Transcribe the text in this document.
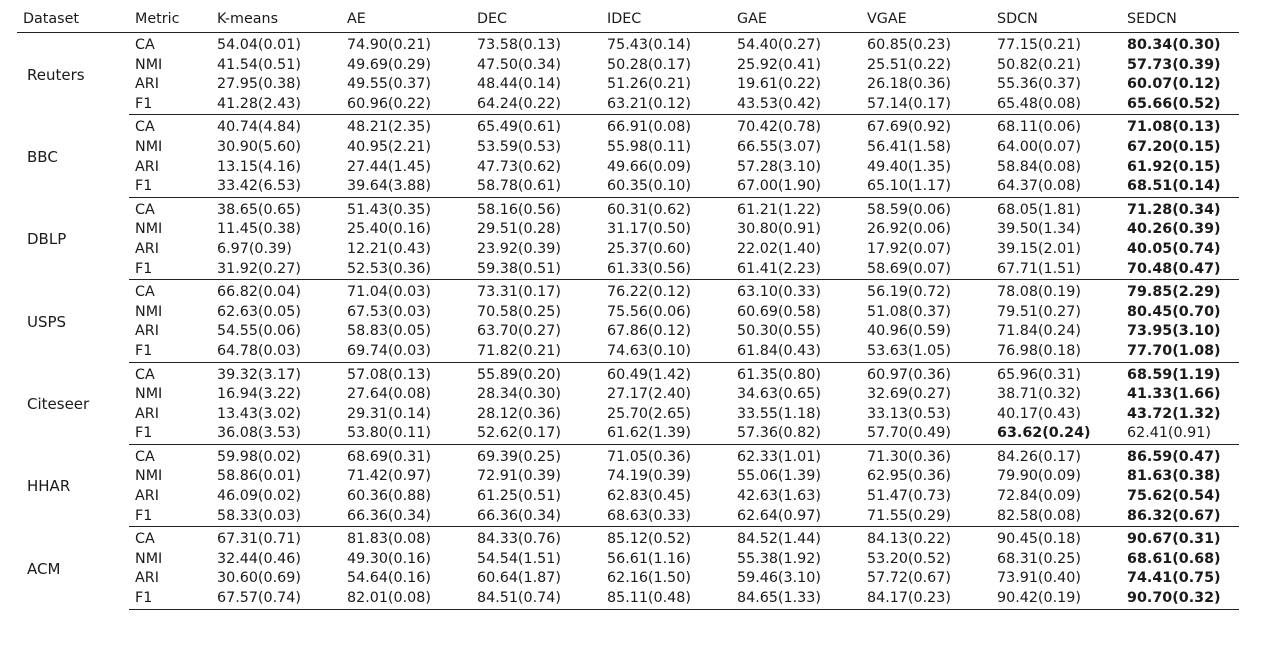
Dataset	Metric	K-means	AE	DEC	IDEC	GAE	VGAE	SDCN	SEDCN
Reuters	CA	54.04(0.01)	74.90(0.21)	73.58(0.13)	75.43(0.14)	54.40(0.27)	60.85(0.23)	77.15(0.21)	80.34(0.30)
	NMI	41.54(0.51)	49.69(0.29)	47.50(0.34)	50.28(0.17)	25.92(0.41)	25.51(0.22)	50.82(0.21)	57.73(0.39)
	ARI	27.95(0.38)	49.55(0.37)	48.44(0.14)	51.26(0.21)	19.61(0.22)	26.18(0.36)	55.36(0.37)	60.07(0.12)
	F1	41.28(2.43)	60.96(0.22)	64.24(0.22)	63.21(0.12)	43.53(0.42)	57.14(0.17)	65.48(0.08)	65.66(0.52)
BBC	CA	40.74(4.84)	48.21(2.35)	65.49(0.61)	66.91(0.08)	70.42(0.78)	67.69(0.92)	68.11(0.06)	71.08(0.13)
	NMI	30.90(5.60)	40.95(2.21)	53.59(0.53)	55.98(0.11)	66.55(3.07)	56.41(1.58)	64.00(0.07)	67.20(0.15)
	ARI	13.15(4.16)	27.44(1.45)	47.73(0.62)	49.66(0.09)	57.28(3.10)	49.40(1.35)	58.84(0.08)	61.92(0.15)
	F1	33.42(6.53)	39.64(3.88)	58.78(0.61)	60.35(0.10)	67.00(1.90)	65.10(1.17)	64.37(0.08)	68.51(0.14)
DBLP	CA	38.65(0.65)	51.43(0.35)	58.16(0.56)	60.31(0.62)	61.21(1.22)	58.59(0.06)	68.05(1.81)	71.28(0.34)
	NMI	11.45(0.38)	25.40(0.16)	29.51(0.28)	31.17(0.50)	30.80(0.91)	26.92(0.06)	39.50(1.34)	40.26(0.39)
	ARI	6.97(0.39)	12.21(0.43)	23.92(0.39)	25.37(0.60)	22.02(1.40)	17.92(0.07)	39.15(2.01)	40.05(0.74)
	F1	31.92(0.27)	52.53(0.36)	59.38(0.51)	61.33(0.56)	61.41(2.23)	58.69(0.07)	67.71(1.51)	70.48(0.47)
USPS	CA	66.82(0.04)	71.04(0.03)	73.31(0.17)	76.22(0.12)	63.10(0.33)	56.19(0.72)	78.08(0.19)	79.85(2.29)
	NMI	62.63(0.05)	67.53(0.03)	70.58(0.25)	75.56(0.06)	60.69(0.58)	51.08(0.37)	79.51(0.27)	80.45(0.70)
	ARI	54.55(0.06)	58.83(0.05)	63.70(0.27)	67.86(0.12)	50.30(0.55)	40.96(0.59)	71.84(0.24)	73.95(3.10)
	F1	64.78(0.03)	69.74(0.03)	71.82(0.21)	74.63(0.10)	61.84(0.43)	53.63(1.05)	76.98(0.18)	77.70(1.08)
Citeseer	CA	39.32(3.17)	57.08(0.13)	55.89(0.20)	60.49(1.42)	61.35(0.80)	60.97(0.36)	65.96(0.31)	68.59(1.19)
	NMI	16.94(3.22)	27.64(0.08)	28.34(0.30)	27.17(2.40)	34.63(0.65)	32.69(0.27)	38.71(0.32)	41.33(1.66)
	ARI	13.43(3.02)	29.31(0.14)	28.12(0.36)	25.70(2.65)	33.55(1.18)	33.13(0.53)	40.17(0.43)	43.72(1.32)
	F1	36.08(3.53)	53.80(0.11)	52.62(0.17)	61.62(1.39)	57.36(0.82)	57.70(0.49)	63.62(0.24)	62.41(0.91)
HHAR	CA	59.98(0.02)	68.69(0.31)	69.39(0.25)	71.05(0.36)	62.33(1.01)	71.30(0.36)	84.26(0.17)	86.59(0.47)
	NMI	58.86(0.01)	71.42(0.97)	72.91(0.39)	74.19(0.39)	55.06(1.39)	62.95(0.36)	79.90(0.09)	81.63(0.38)
	ARI	46.09(0.02)	60.36(0.88)	61.25(0.51)	62.83(0.45)	42.63(1.63)	51.47(0.73)	72.84(0.09)	75.62(0.54)
	F1	58.33(0.03)	66.36(0.34)	66.36(0.34)	68.63(0.33)	62.64(0.97)	71.55(0.29)	82.58(0.08)	86.32(0.67)
ACM	CA	67.31(0.71)	81.83(0.08)	84.33(0.76)	85.12(0.52)	84.52(1.44)	84.13(0.22)	90.45(0.18)	90.67(0.31)
	NMI	32.44(0.46)	49.30(0.16)	54.54(1.51)	56.61(1.16)	55.38(1.92)	53.20(0.52)	68.31(0.25)	68.61(0.68)
	ARI	30.60(0.69)	54.64(0.16)	60.64(1.87)	62.16(1.50)	59.46(3.10)	57.72(0.67)	73.91(0.40)	74.41(0.75)
	F1	67.57(0.74)	82.01(0.08)	84.51(0.74)	85.11(0.48)	84.65(1.33)	84.17(0.23)	90.42(0.19)	90.70(0.32)
